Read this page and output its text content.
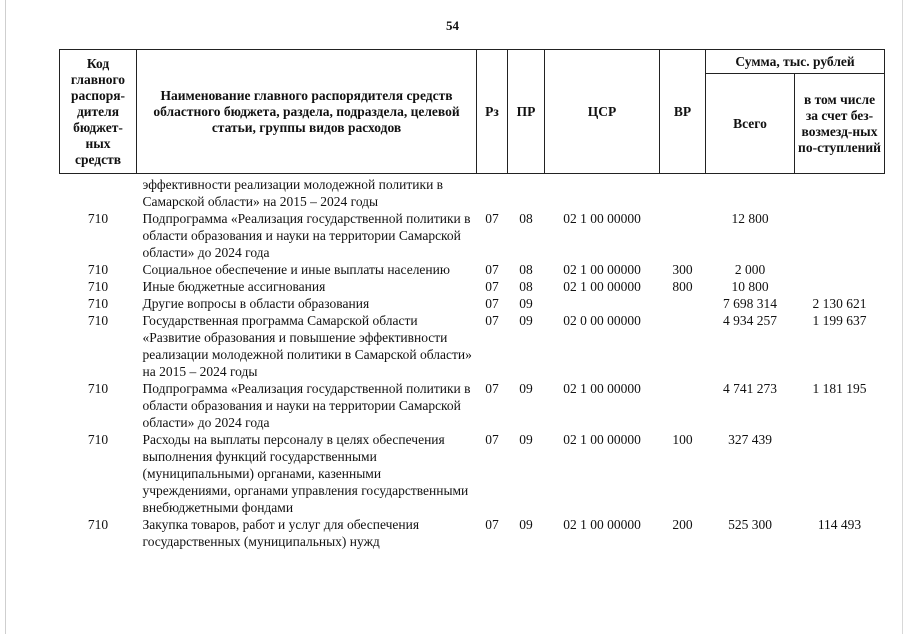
54
Код главного распоря-дителя бюджет-ных средств	Наименование главного распорядителя средств областного бюджета, раздела, подраздела, целевой статьи, группы видов расходов	Рз	ПР	ЦСР	ВР	Сумма, тыс. рублей	
						Всего	в том числе за счет без-возмезд-ных по-ступлений
	эффективности реализации молодежной политики в Самарской области» на 2015 – 2024 годы						
710	Подпрограмма «Реализация государственной политики в области образования и науки на территории Самарской области» до 2024 года	07	08	02 1 00 00000		12 800	
710	Социальное обеспечение и иные выплаты населению	07	08	02 1 00 00000	300	2 000	
710	Иные бюджетные ассигнования	07	08	02 1 00 00000	800	10 800	
710	Другие вопросы в области образования	07	09			7 698 314	2 130 621
710	Государственная программа Самарской области «Развитие образования и повышение эффективности реализации молодежной политики в Самарской области» на 2015 – 2024 годы	07	09	02 0 00 00000		4 934 257	1 199 637
710	Подпрограмма «Реализация государственной политики в области образования и науки на территории Самарской области» до 2024 года	07	09	02 1 00 00000		4 741 273	1 181 195
710	Расходы на выплаты персоналу в целях обеспечения выполнения функций государственными (муниципальными) органами, казенными учреждениями, органами управления государственными внебюджетными фондами	07	09	02 1 00 00000	100	327 439	
710	Закупка товаров, работ и услуг для обеспечения государственных (муниципальных) нужд	07	09	02 1 00 00000	200	525 300	114 493
